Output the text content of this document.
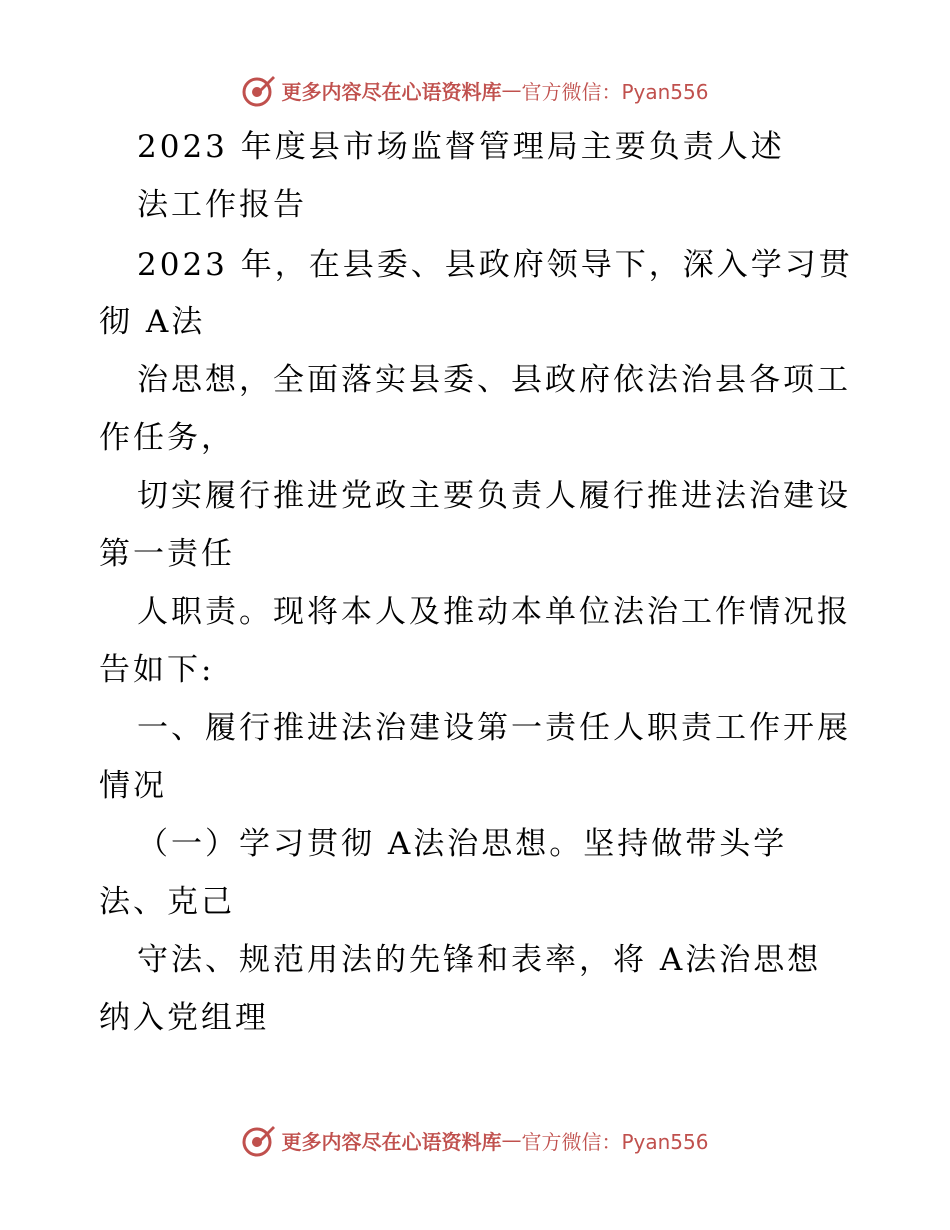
更多内容尽在心语资料库 — 官方微信：Pyan556
2023 年度县市场监督管理局主要负责人述
法工作报告
2023 年，在县委、县政府领导下，深入学习贯
彻 A法
治思想，全面落实县委、县政府依法治县各项工
作任务，
切实履行推进党政主要负责人履行推进法治建设
第一责任
人职责。现将本人及推动本单位法治工作情况报
告如下:
一、履行推进法治建设第一责任人职责工作开展
情况
（一）学习贯彻 A法治思想。坚持做带头学
法、克己
守法、规范用法的先锋和表率，将 A法治思想
纳入党组理
更多内容尽在心语资料库 — 官方微信：Pyan556
